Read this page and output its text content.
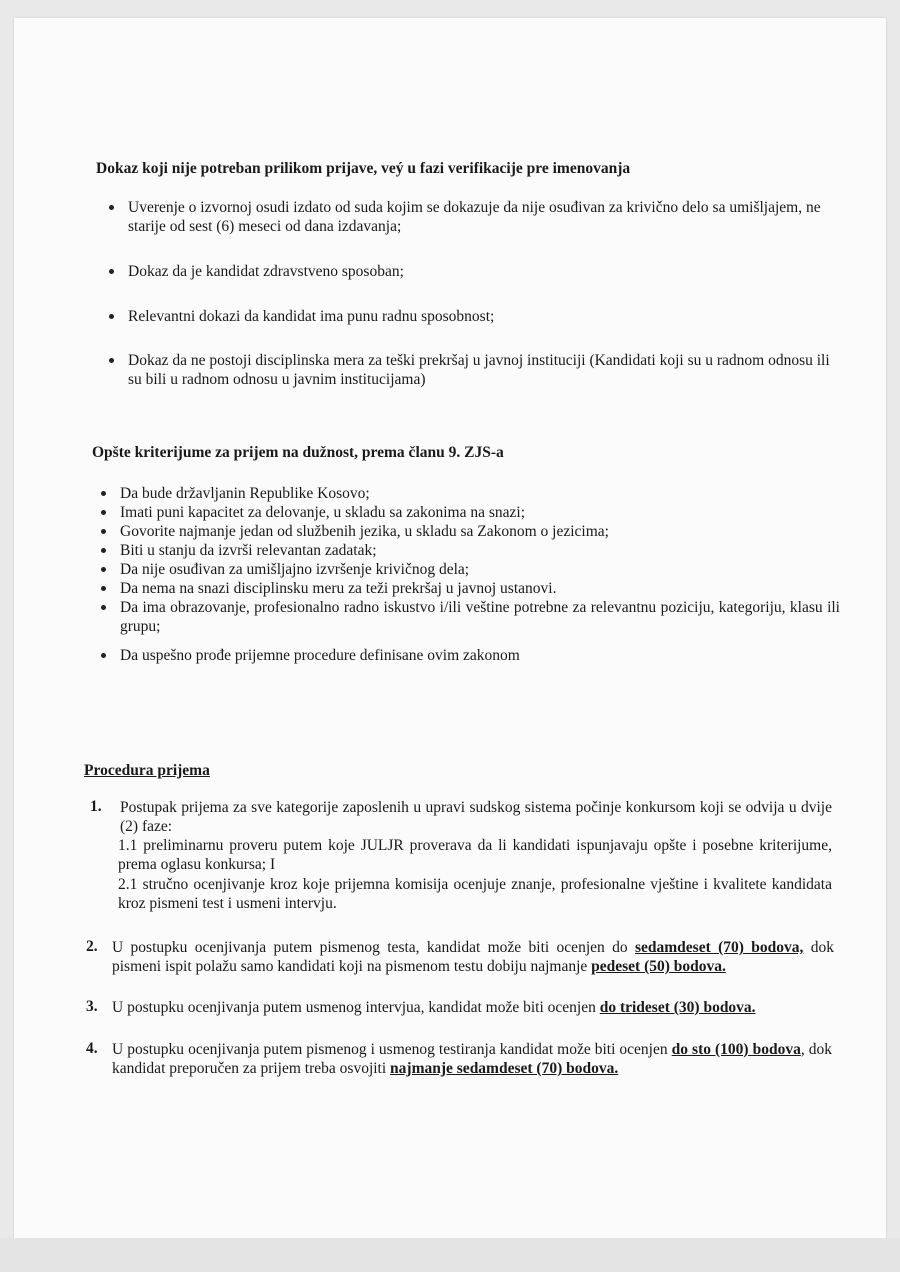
Dokaz koji nije potreban prilikom prijave, vеý u fazi verifikacije pre imenovanja
Uverenje o izvornoj osudi izdato od suda kojim se dokazuje da nije osuđivan za krivično delo sa umišljajem, ne starije od sest (6) meseci od dana izdavanja;
Dokaz da je kandidat zdravstveno sposoban;
Relevantni dokazi da kandidat ima punu radnu sposobnost;
Dokaz da ne postoji disciplinska mera za teški prekršaj u javnoj instituciji (Kandidati koji su u radnom odnosu ili su bili u radnom odnosu u javnim institucijama)
Opšte kriterijume za prijem na dužnost, prema članu 9. ZJS-a
Da bude državljanin Republike Kosovo;
Imati puni kapacitet za delovanje, u skladu sa zakonima na snazi;
Govorite najmanje jedan od službenih jezika, u skladu sa Zakonom o jezicima;
Biti u stanju da izvrši relevantan zadatak;
Da nije osuđivan za umišljajno izvršenje krivičnog dela;
Da nema na snazi disciplinsku meru za teži prekršaj u javnoj ustanovi.
Da ima obrazovanje, profesionalno radno iskustvo i/ili veštine potrebne za relevantnu poziciju, kategoriju, klasu ili grupu;
Da uspešno prođe prijemne procedure definisane ovim zakonom
Procedura prijema
1. Postupak prijema za sve kategorije zaposlenih u upravi sudskog sistema počinje konkursom koji se odvija u dvije (2) faze:
1.1 preliminarnu proveru putem koje JULJR proverava da li kandidati ispunjavaju opšte i posebne kriterijume, prema oglasu konkursa; I
2.1 stručno ocenjivanje kroz koje prijemna komisija ocenjuje znanje, profesionalne vještine i kvalitete kandidata kroz pismeni test i usmeni intervju.
2. U postupku ocenjivanja putem pismenog testa, kandidat može biti ocenjen do sedamdeset (70) bodova, dok pismeni ispit polažu samo kandidati koji na pismenom testu dobiju najmanje pedeset (50) bodova.
3. U postupku ocenjivanja putem usmenog intervjua, kandidat može biti ocenjen do trideset (30) bodova.
4. U postupku ocenjivanja putem pismenog i usmenog testiranja kandidat može biti ocenjen do sto (100) bodova, dok kandidat preporučen za prijem treba osvojiti najmanje sedamdeset (70) bodova.
